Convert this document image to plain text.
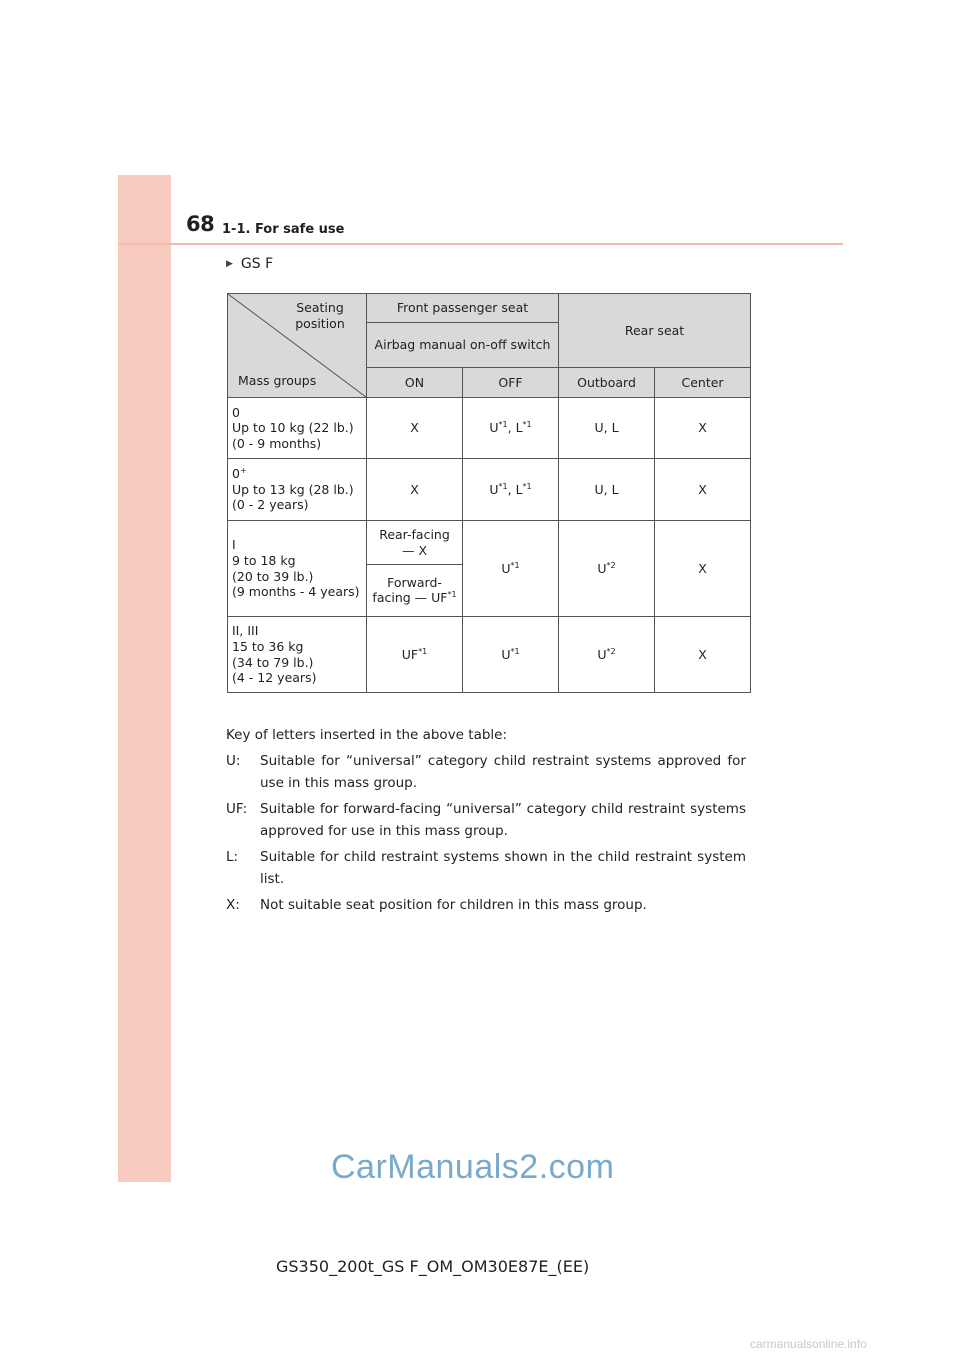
68 1-1. For safe use
▶ GS F
Seating position
Mass groups	Front passenger seat		Rear seat	
	Airbag manual on-off switch			
	ON	OFF	Outboard	Center

0
Up to 10 kg (22 lb.)
(0 - 9 months)	X	$U^{*1}$, $L^{*1}$	U, L	X

0+
Up to 13 kg (28 lb.)
(0 - 2 years)	X	$U^{*1}$, $L^{*1}$	U, L	X

I
9 to 18 kg
(20 to 39 lb.)
(9 months - 4 years)	Rear-facing — X	$U^{*1}$	$U^{*2}$	X
	Forward-facing — UF$^{*1}$

II, III
15 to 36 kg
(34 to 79 lb.)
(4 - 12 years)	UF$^{*1}$	$U^{*1}$	$U^{*2}$	X
Key of letters inserted in the above table:
U:	Suitable for “universal” category child restraint systems approved for use in this mass group.
UF: Suitable for forward-facing “universal” category child restraint systems approved for use in this mass group.
L:	Suitable for child restraint systems shown in the child restraint system list.
X:	Not suitable seat position for children in this mass group.
CarManuals2.com
GS350_200t_GS F_OM_OM30E87E_(EE)
carmanualsonline.info
